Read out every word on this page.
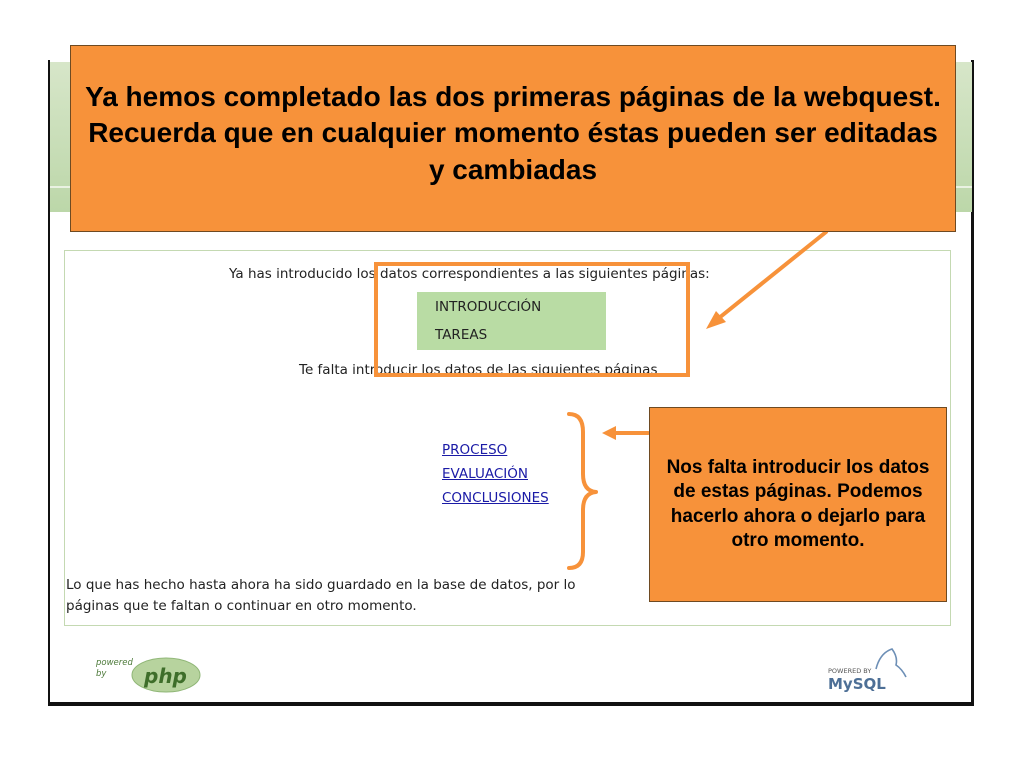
Ya has introducido los datos correspondientes a las siguientes páginas:
INTRODUCCIÓN
TAREAS
Te falta introducir los datos de las siguientes páginas
PROCESO
EVALUACIÓN
CONCLUSIONES
Lo que has hecho hasta ahora ha sido guardado en la base de datos, por lo
páginas que te faltan o continuar en otro momento.
powered
by php	POWERED BY
MySQL
Ya hemos completado las dos primeras páginas de la webquest. Recuerda que en cualquier momento éstas pueden ser editadas y cambiadas
Nos falta introducir los datos de estas páginas. Podemos hacerlo ahora o dejarlo para otro momento.
